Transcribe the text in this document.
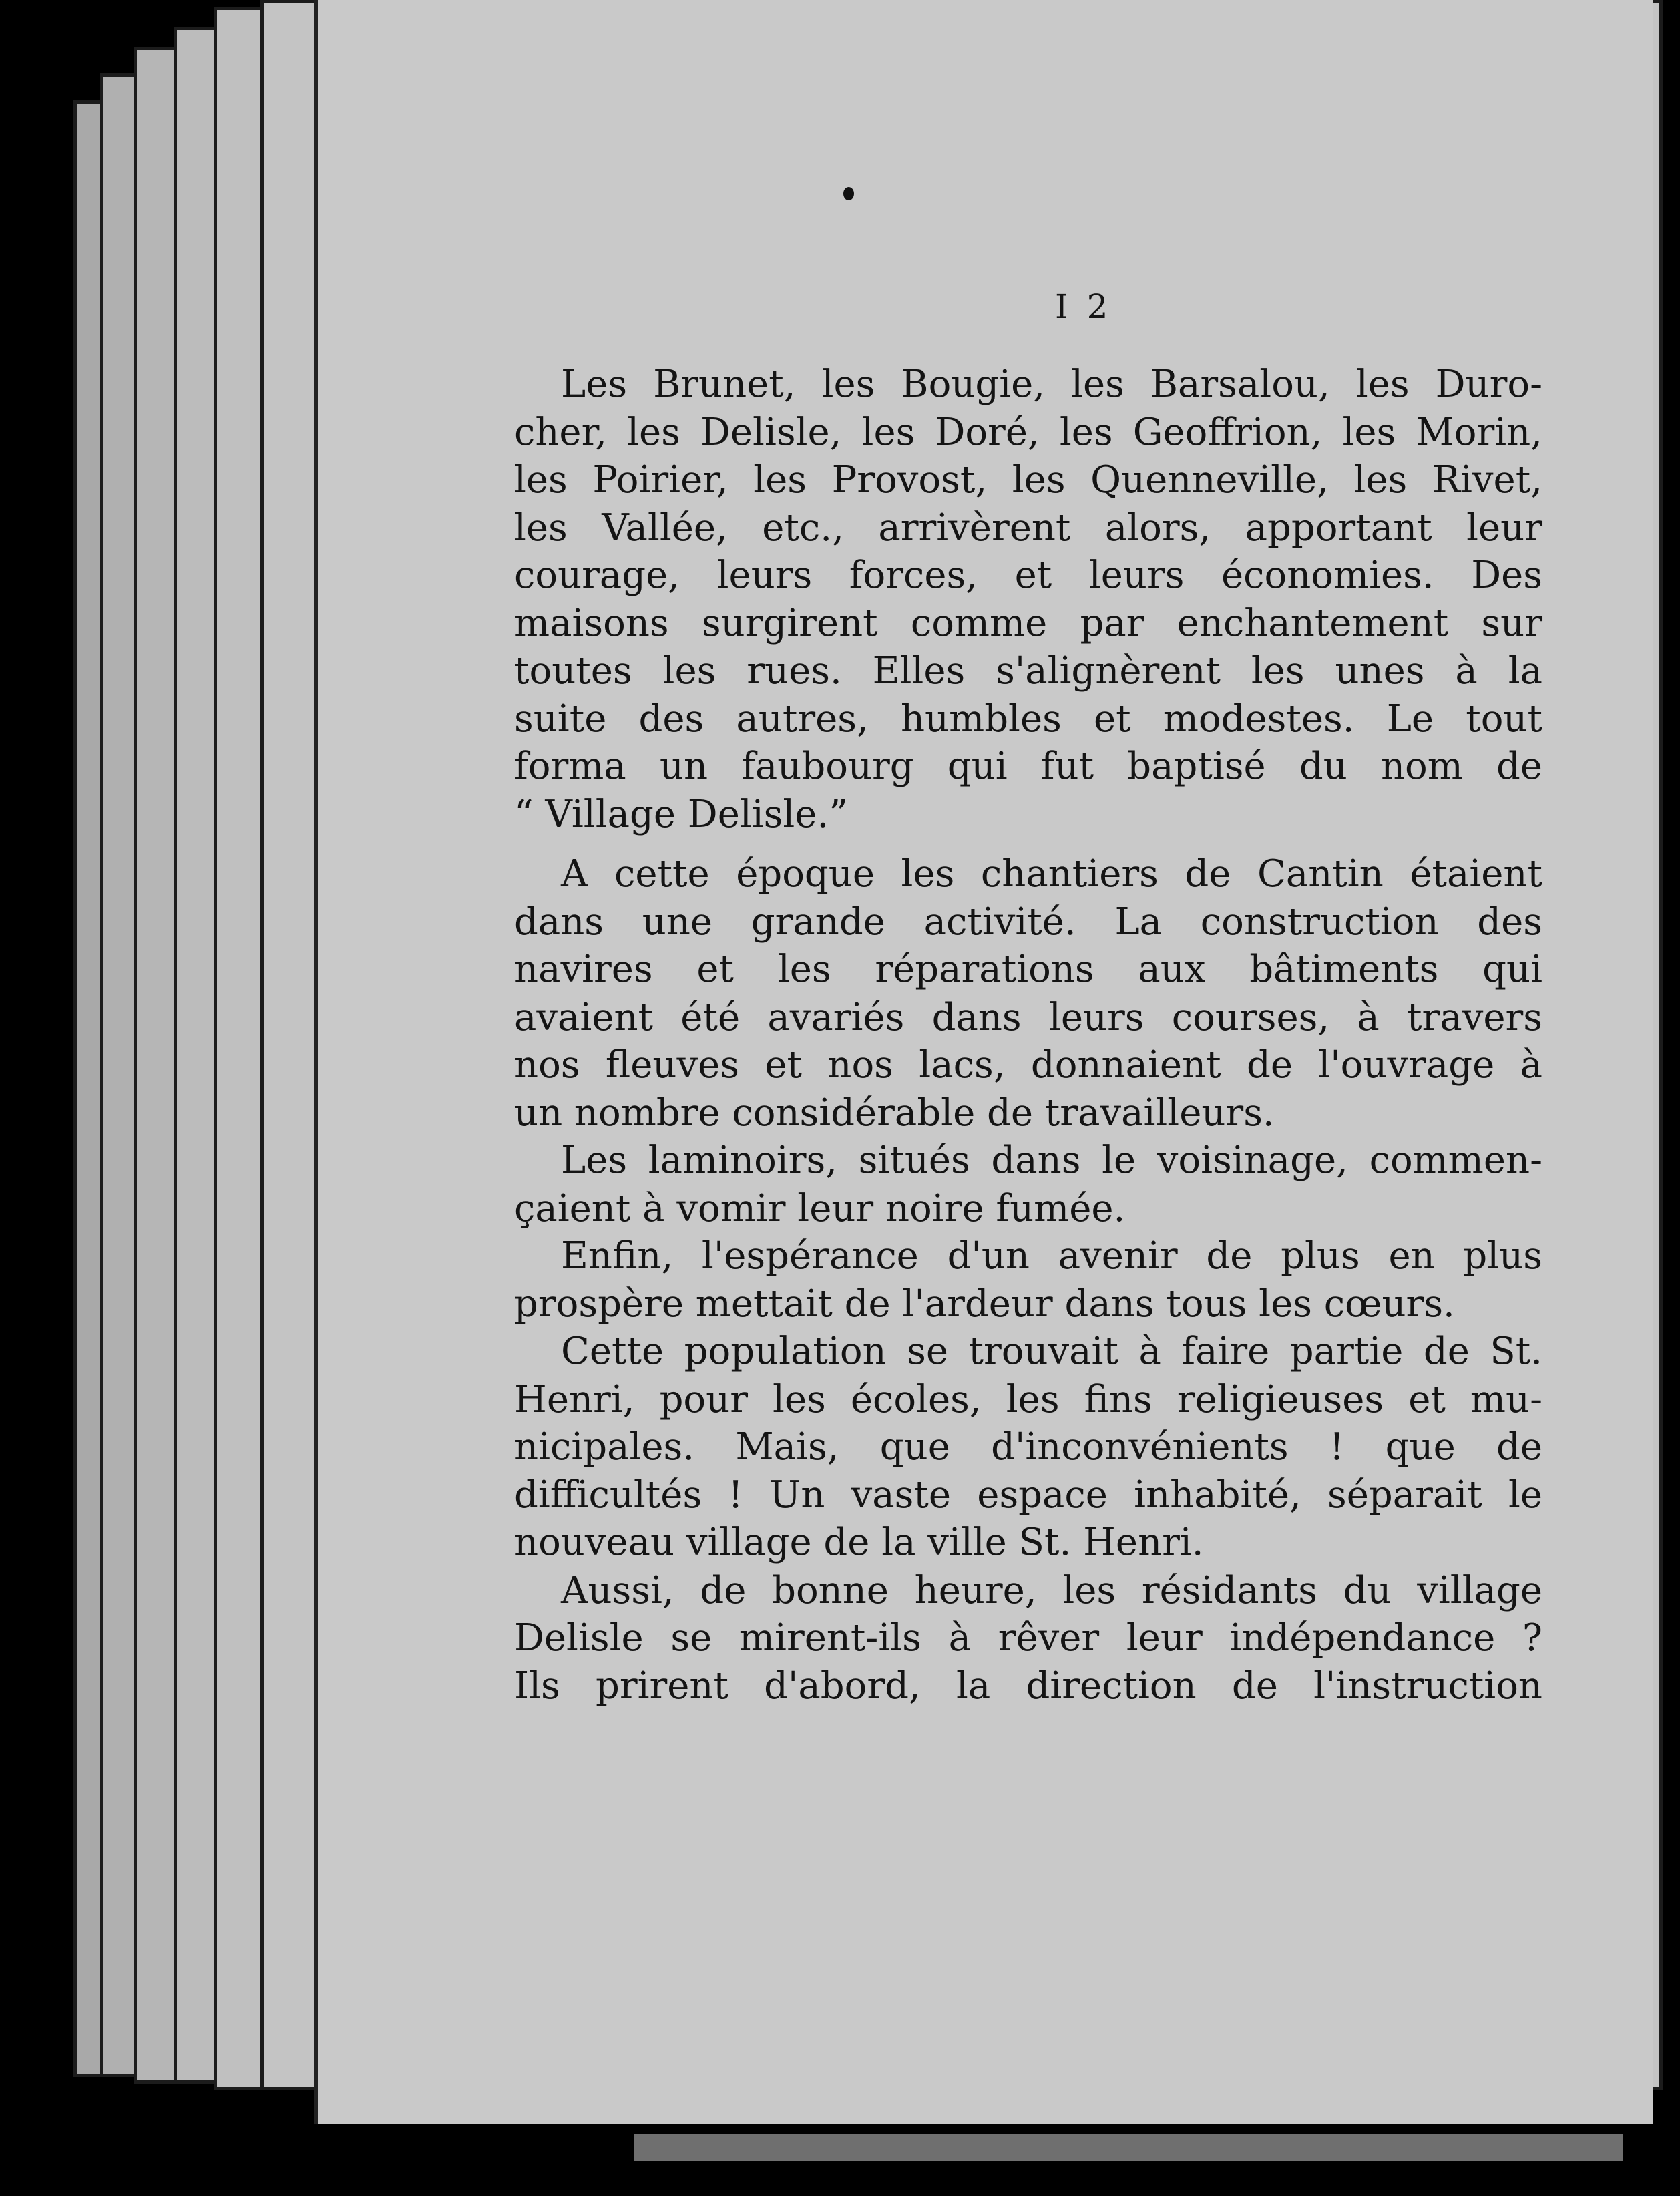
I 2
Les Brunet, les Bougie, les Barsalou, les Duro-
cher, les Delisle, les Doré, les Geoffrion, les Morin,
les Poirier, les Provost, les Quenneville, les Rivet,
les Vallée, etc., arrivèrent alors, apportant leur
courage, leurs forces, et leurs économies. Des
maisons surgirent comme par enchantement sur
toutes les rues. Elles s'alignèrent les unes à la
suite des autres, humbles et modestes. Le tout
forma un faubourg qui fut baptisé du nom de
“ Village Delisle.”
A cette époque les chantiers de Cantin étaient
dans une grande activité. La construction des
navires et les réparations aux bâtiments qui
avaient été avariés dans leurs courses, à travers
nos fleuves et nos lacs, donnaient de l'ouvrage à
un nombre considérable de travailleurs.
Les laminoirs, situés dans le voisinage, commen-
çaient à vomir leur noire fumée.
Enfin, l'espérance d'un avenir de plus en plus
prospère mettait de l'ardeur dans tous les cœurs.
Cette population se trouvait à faire partie de St.
Henri, pour les écoles, les fins religieuses et mu-
nicipales. Mais, que d'inconvénients ! que de
difficultés ! Un vaste espace inhabité, séparait le
nouveau village de la ville St. Henri.
Aussi, de bonne heure, les résidants du village
Delisle se mirent-ils à rêver leur indépendance ?
Ils prirent d'abord, la direction de l'instruction
